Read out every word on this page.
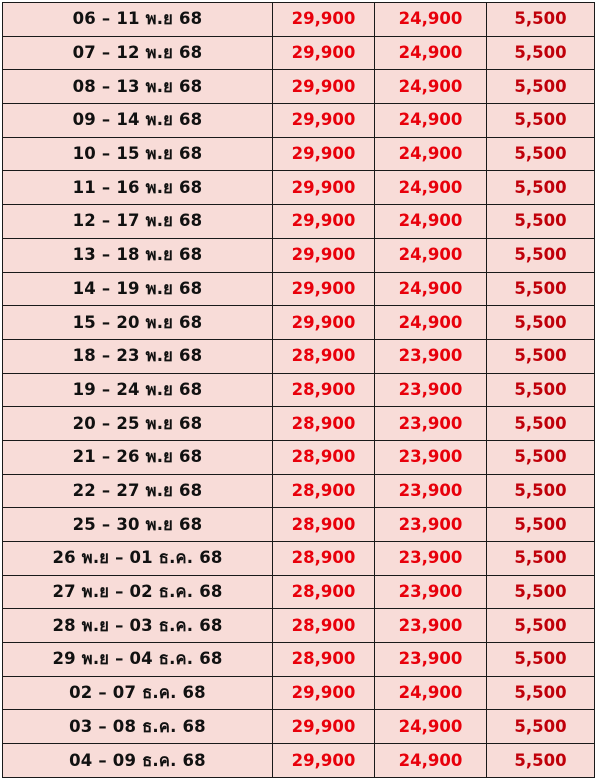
06 – 11 พ.ย 68	29,900	24,900	5,500
07 – 12 พ.ย 68	29,900	24,900	5,500
08 – 13 พ.ย 68	29,900	24,900	5,500
09 – 14 พ.ย 68	29,900	24,900	5,500
10 – 15 พ.ย 68	29,900	24,900	5,500
11 – 16 พ.ย 68	29,900	24,900	5,500
12 – 17 พ.ย 68	29,900	24,900	5,500
13 – 18 พ.ย 68	29,900	24,900	5,500
14 – 19 พ.ย 68	29,900	24,900	5,500
15 – 20 พ.ย 68	29,900	24,900	5,500
18 – 23 พ.ย 68	28,900	23,900	5,500
19 – 24 พ.ย 68	28,900	23,900	5,500
20 – 25 พ.ย 68	28,900	23,900	5,500
21 – 26 พ.ย 68	28,900	23,900	5,500
22 – 27 พ.ย 68	28,900	23,900	5,500
25 – 30 พ.ย 68	28,900	23,900	5,500
26 พ.ย – 01 ธ.ค. 68	28,900	23,900	5,500
27 พ.ย – 02 ธ.ค. 68	28,900	23,900	5,500
28 พ.ย – 03 ธ.ค. 68	28,900	23,900	5,500
29 พ.ย – 04 ธ.ค. 68	28,900	23,900	5,500
02 – 07 ธ.ค. 68	29,900	24,900	5,500
03 – 08 ธ.ค. 68	29,900	24,900	5,500
04 – 09 ธ.ค. 68	29,900	24,900	5,500
